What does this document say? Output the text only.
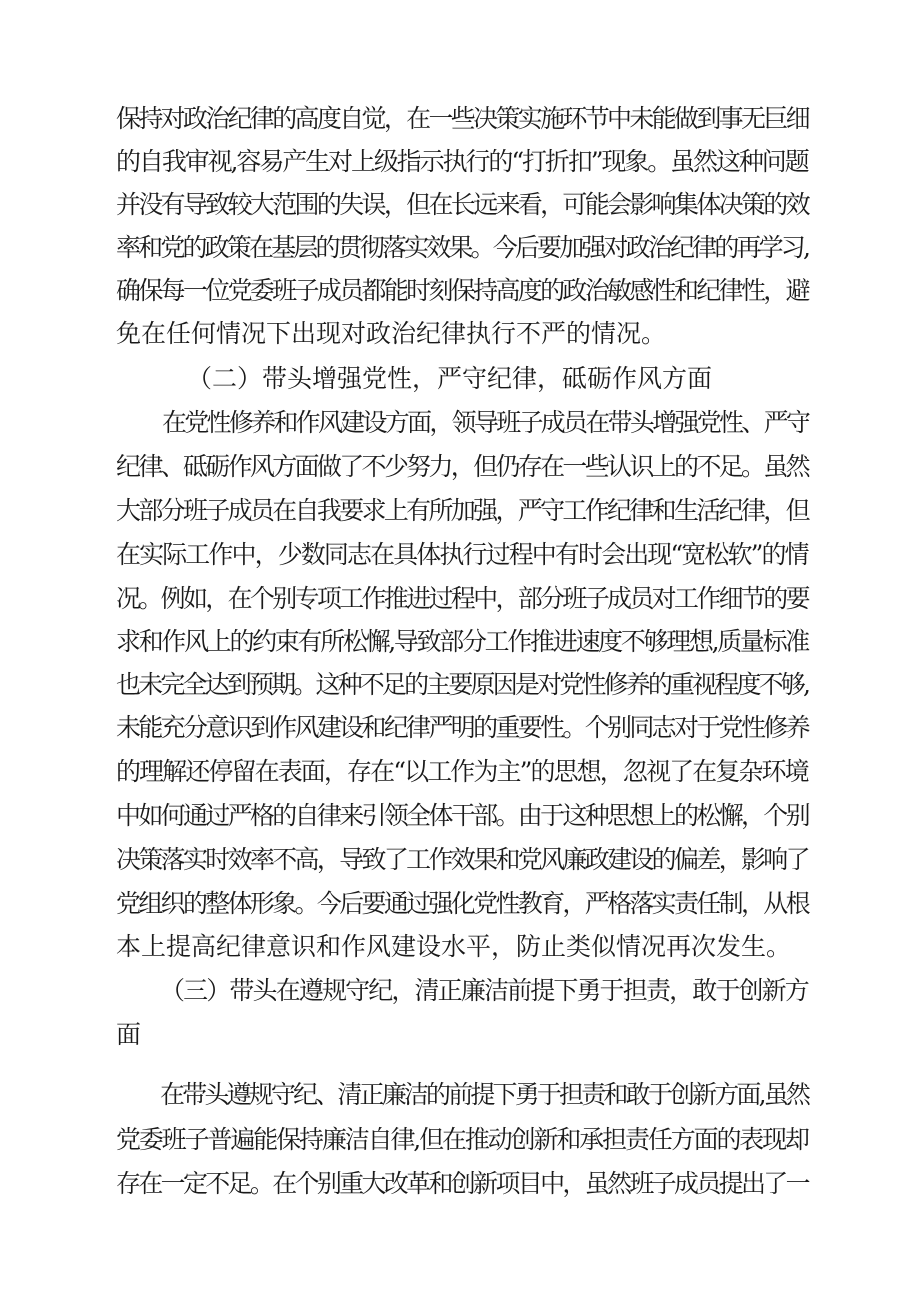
保持对政治纪律的高度自觉，在一些决策实施环节中未能做到事无巨细
的自我审视,容易产生对上级指示执行的“打折扣”现象。虽然这种问题
并没有导致较大范围的失误，但在长远来看，可能会影响集体决策的效
率和党的政策在基层的贯彻落实效果。今后要加强对政治纪律的再学习,
确保每一位党委班子成员都能时刻保持高度的政治敏感性和纪律性，避
免在任何情况下出现对政治纪律执行不严的情况。
（二）带头增强党性，严守纪律，砥砺作风方面
在党性修养和作风建设方面，领导班子成员在带头增强党性、严守
纪律、砥砺作风方面做了不少努力，但仍存在一些认识上的不足。虽然
大部分班子成员在自我要求上有所加强，严守工作纪律和生活纪律，但
在实际工作中，少数同志在具体执行过程中有时会出现“宽松软”的情
况。例如，在个别专项工作推进过程中，部分班子成员对工作细节的要
求和作风上的约束有所松懈,导致部分工作推进速度不够理想,质量标准
也未完全达到预期。这种不足的主要原因是对党性修养的重视程度不够,
未能充分意识到作风建设和纪律严明的重要性。个别同志对于党性修养
的理解还停留在表面，存在“以工作为主”的思想，忽视了在复杂环境
中如何通过严格的自律来引领全体干部。由于这种思想上的松懈，个别
决策落实时效率不高，导致了工作效果和党风廉政建设的偏差，影响了
党组织的整体形象。今后要通过强化党性教育，严格落实责任制，从根
本上提高纪律意识和作风建设水平，防止类似情况再次发生。
（三）带头在遵规守纪，清正廉洁前提下勇于担责，敢于创新方
面
在带头遵规守纪、清正廉洁的前提下勇于担责和敢于创新方面,虽然
党委班子普遍能保持廉洁自律,但在推动创新和承担责任方面的表现却
存在一定不足。在个别重大改革和创新项目中，虽然班子成员提出了一
